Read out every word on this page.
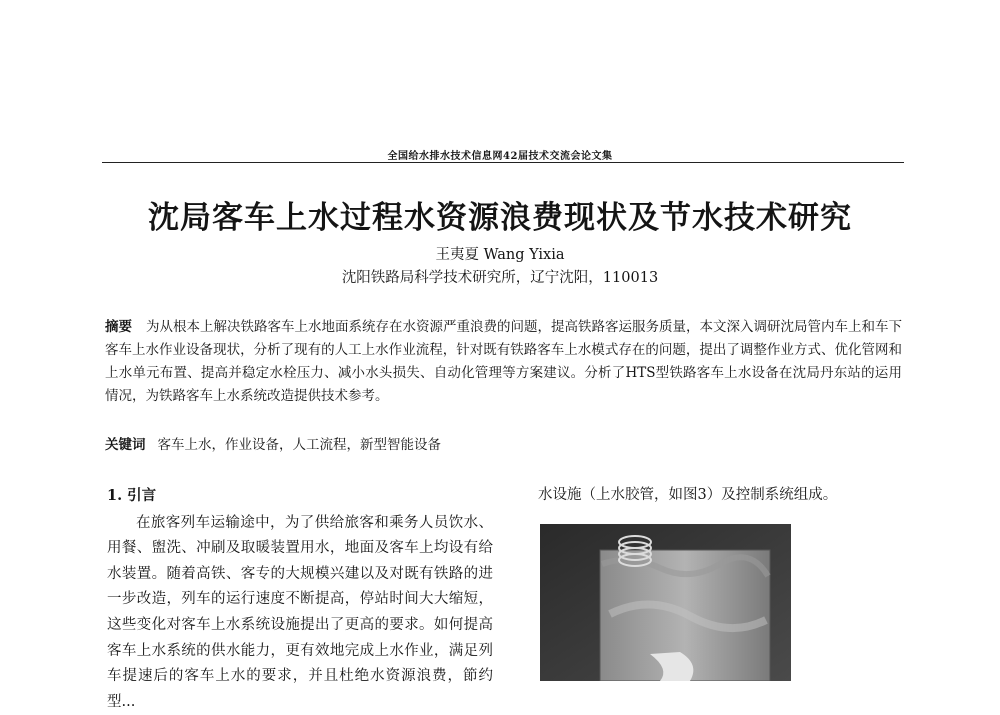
全国给水排水技术信息网42届技术交流会论文集
沈局客车上水过程水资源浪费现状及节水技术研究
王夷夏 Wang Yixia
沈阳铁路局科学技术研究所，辽宁沈阳，110013
摘要 为从根本上解决铁路客车上水地面系统存在水资源严重浪费的问题，提高铁路客运服务质量，本文深入调研沈局管内车上和车下客车上水作业设备现状，分析了现有的人工上水作业流程，针对既有铁路客车上水模式存在的问题，提出了调整作业方式、优化管网和上水单元布置、提高并稳定水栓压力、减小水头损失、自动化管理等方案建议。分析了HTS型铁路客车上水设备在沈局丹东站的运用情况，为铁路客车上水系统改造提供技术参考。
关键词 客车上水，作业设备，人工流程，新型智能设备
1. 引言

在旅客列车运输途中，为了供给旅客和乘务人员饮水、用餐、盥洗、冲刷及取暖装置用水，地面及客车上均设有给水装置。随着高铁、客专的大规模兴建以及对既有铁路的进一步改造，列车的运行速度不断提高，停站时间大大缩短，这些变化对客车上水系统设施提出了更高的要求。如何提高客车上水系统的供水能力，更有效地完成上水作业，满足列车提速后的客车上水的要求，并且杜绝水资源浪费，節约型...

水设施（上水胶管，如图3）及控制系统组成。
